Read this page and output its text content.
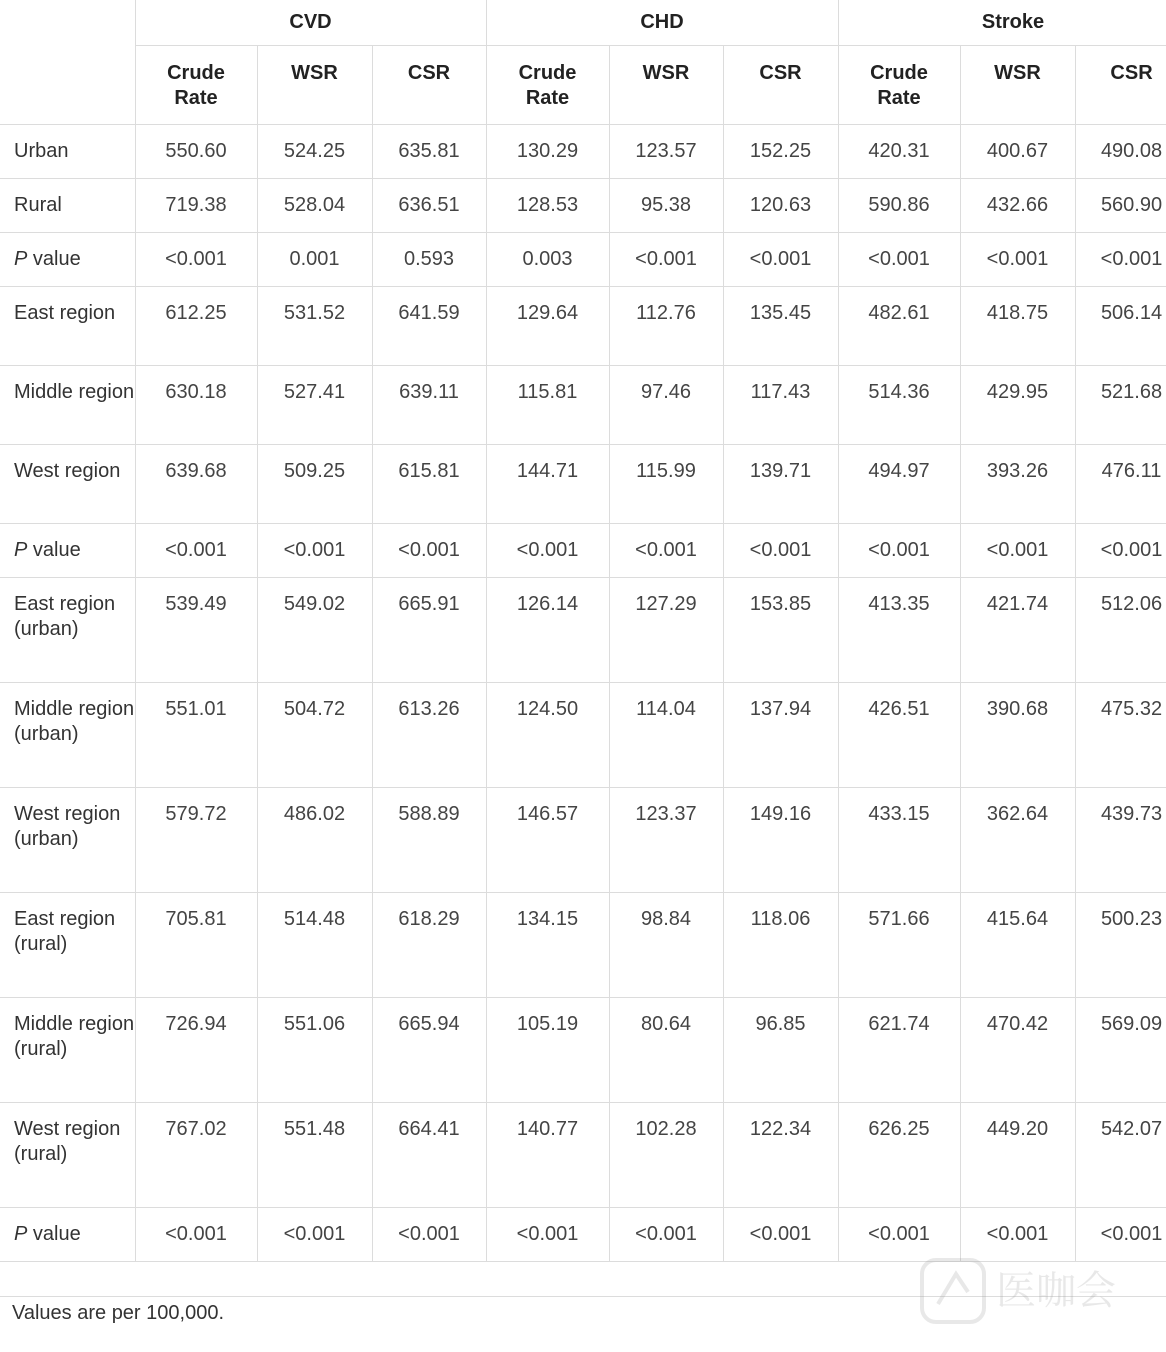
	CVD			CHD			Stroke		
	Crude Rate	WSR	CSR	Crude Rate	WSR	CSR	Crude Rate	WSR	CSR
Urban	550.60	524.25	635.81	130.29	123.57	152.25	420.31	400.67	490.08
Rural	719.38	528.04	636.51	128.53	95.38	120.63	590.86	432.66	560.90
P value	<0.001	0.001	0.593	0.003	<0.001	<0.001	<0.001	<0.001	<0.001
East region	612.25	531.52	641.59	129.64	112.76	135.45	482.61	418.75	506.14
Middle region	630.18	527.41	639.11	115.81	97.46	117.43	514.36	429.95	521.68
West region	639.68	509.25	615.81	144.71	115.99	139.71	494.97	393.26	476.11
P value	<0.001	<0.001	<0.001	<0.001	<0.001	<0.001	<0.001	<0.001	<0.001
East region (urban)	539.49	549.02	665.91	126.14	127.29	153.85	413.35	421.74	512.06
Middle region (urban)	551.01	504.72	613.26	124.50	114.04	137.94	426.51	390.68	475.32
West region (urban)	579.72	486.02	588.89	146.57	123.37	149.16	433.15	362.64	439.73
East region (rural)	705.81	514.48	618.29	134.15	98.84	118.06	571.66	415.64	500.23
Middle region (rural)	726.94	551.06	665.94	105.19	80.64	96.85	621.74	470.42	569.09
West region (rural)	767.02	551.48	664.41	140.77	102.28	122.34	626.25	449.20	542.07
P value	<0.001	<0.001	<0.001	<0.001	<0.001	<0.001	<0.001	<0.001	<0.001
Values are per 100,000.	医咖会
